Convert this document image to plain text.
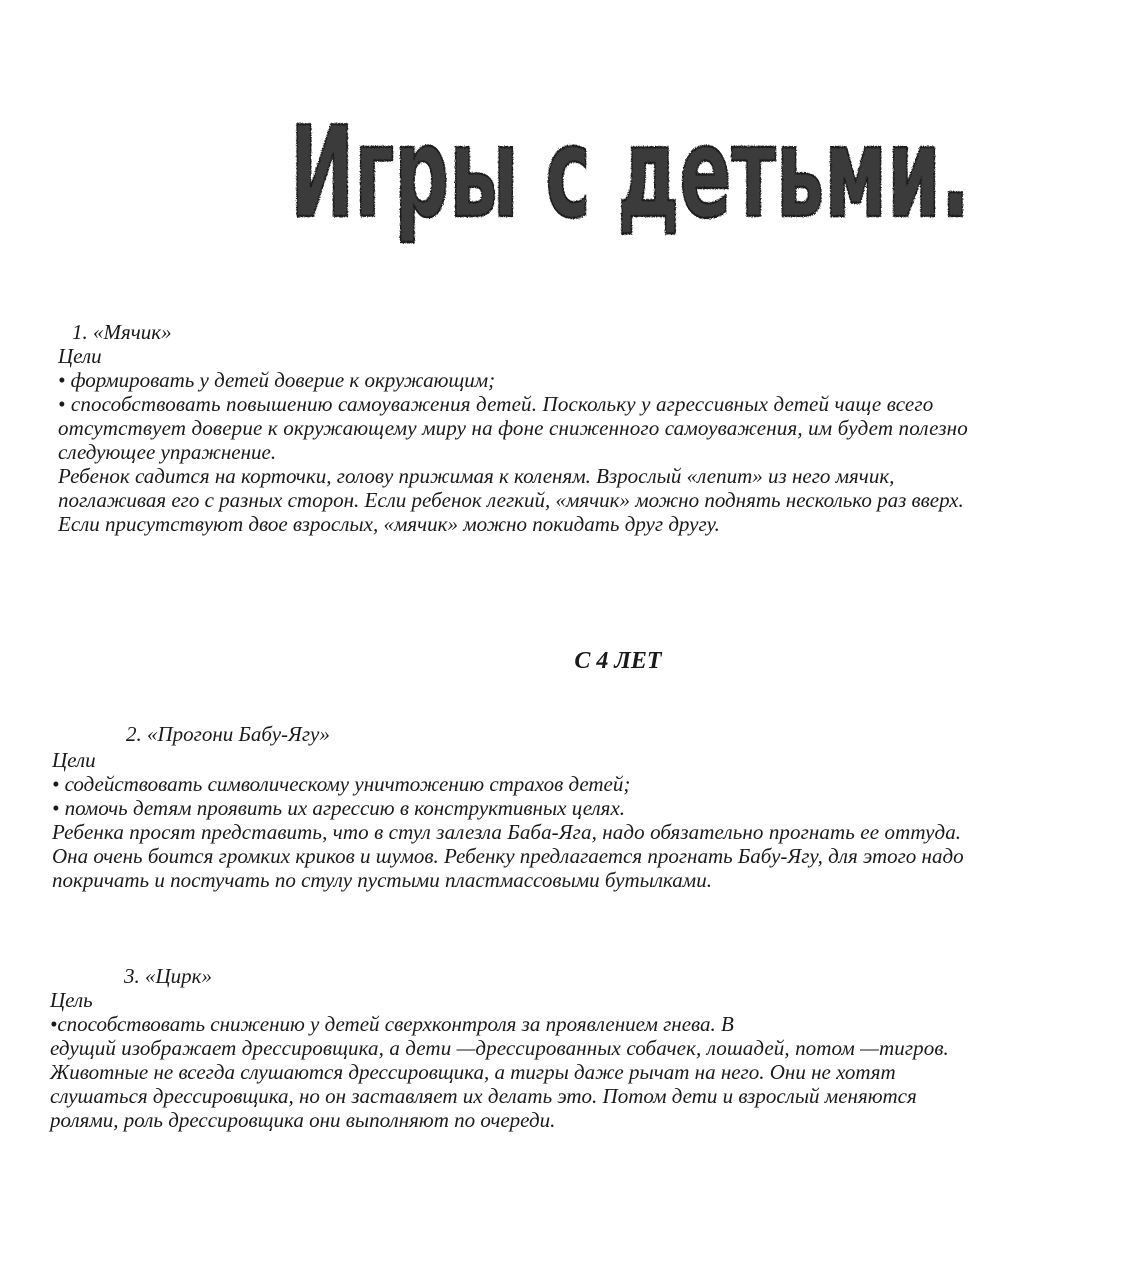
Игры с детьми.
1. «Мячик»
Цели
• формировать у детей доверие к окружающим;
• способствовать повышению самоуважения детей. Поскольку у агрессивных детей чаще всего
отсутствует доверие к окружающему миру на фоне сниженного самоуважения, им будет полезно
следующее упражнение.
Ребенок садится на корточки, голову прижимая к коленям. Взрослый «лепит» из него мячик,
поглаживая его с разных сторон. Если ребенок легкий, «мячик» можно поднять несколько раз вверх.
Если присутствуют двое взрослых, «мячик» можно покидать друг другу.
С 4 ЛЕТ
2. «Прогони Бабу-Ягу»
Цели
• содействовать символическому уничтожению страхов детей;
• помочь детям проявить их агрессию в конструктивных целях.
Ребенка просят представить, что в стул залезла Баба-Яга, надо обязательно прогнать ее оттуда.
Она очень боится громких криков и шумов. Ребенку предлагается прогнать Бабу-Ягу, для этого надо
покричать и постучать по стулу пустыми пластмассовыми бутылками.
3. «Цирк»
Цель
•способствовать снижению у детей сверхконтроля за проявлением гнева. В
едущий изображает дрессировщика, а дети —дрессированных собачек, лошадей, потом —тигров.
Животные не всегда слушаются дрессировщика, а тигры даже рычат на него. Они не хотят
слушаться дрессировщика, но он заставляет их делать это. Потом дети и взрослый меняются
ролями, роль дрессировщика они выполняют по очереди.
